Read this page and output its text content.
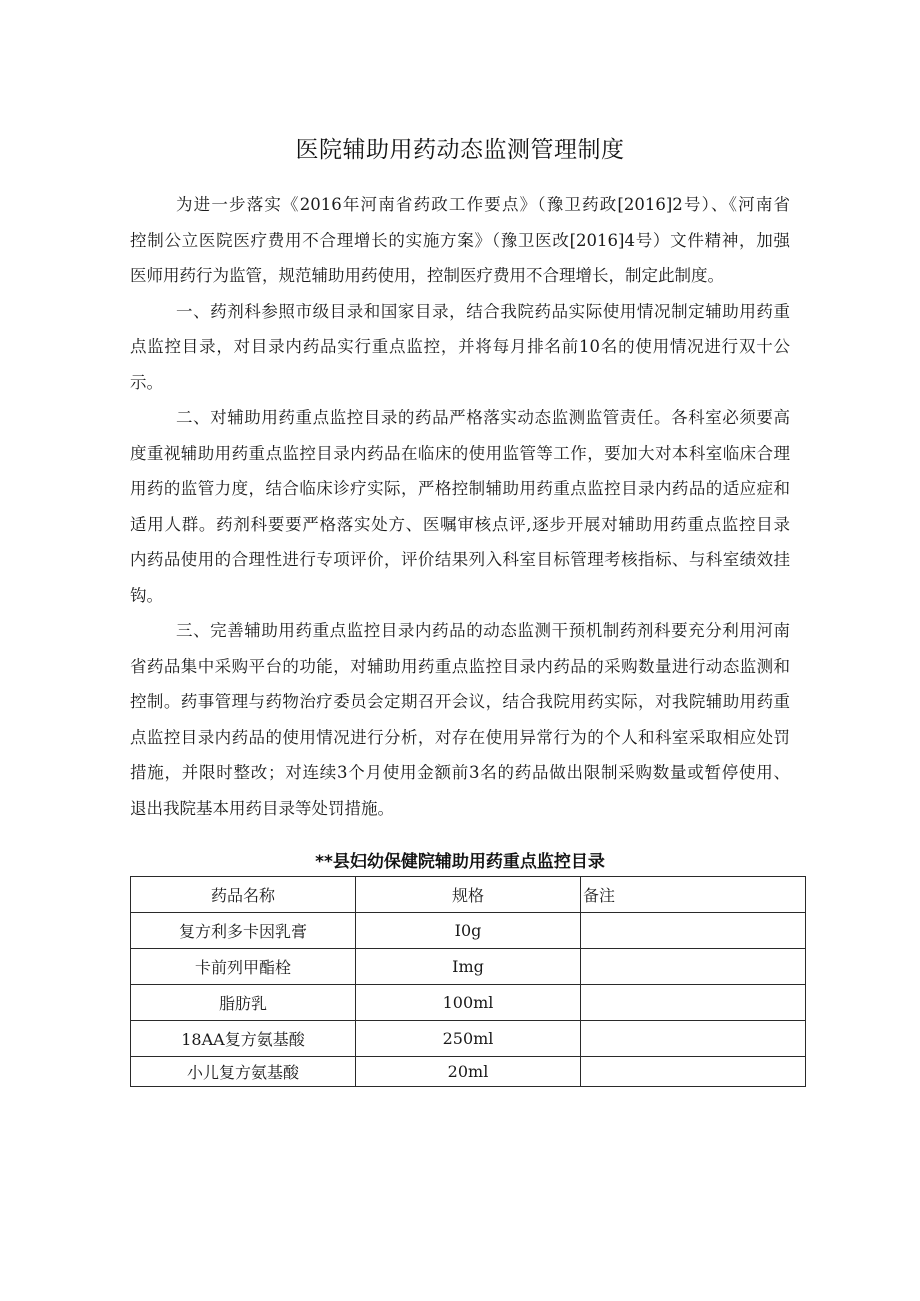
医院辅助用药动态监测管理制度
为进一步落实《2016年河南省药政工作要点》（豫卫药政[2016]2号）、《河南省
控制公立医院医疗费用不合理增长的实施方案》（豫卫医改[2016]4号）文件精神，加强
医师用药行为监管，规范辅助用药使用，控制医疗费用不合理增长，制定此制度。
一、药剂科参照市级目录和国家目录，结合我院药品实际使用情况制定辅助用药重
点监控目录，对目录内药品实行重点监控，并将每月排名前10名的使用情况进行双十公
示。
二、对辅助用药重点监控目录的药品严格落实动态监测监管责任。各科室必须要高
度重视辅助用药重点监控目录内药品在临床的使用监管等工作，要加大对本科室临床合理
用药的监管力度，结合临床诊疗实际，严格控制辅助用药重点监控目录内药品的适应症和
适用人群。药剂科要要严格落实处方、医嘱审核点评,逐步开展对辅助用药重点监控目录
内药品使用的合理性进行专项评价，评价结果列入科室目标管理考核指标、与科室绩效挂
钩。
三、完善辅助用药重点监控目录内药品的动态监测干预机制药剂科要充分利用河南
省药品集中采购平台的功能，对辅助用药重点监控目录内药品的采购数量进行动态监测和
控制。药事管理与药物治疗委员会定期召开会议，结合我院用药实际，对我院辅助用药重
点监控目录内药品的使用情况进行分析，对存在使用异常行为的个人和科室采取相应处罚
措施，并限时整改；对连续3个月使用金额前3名的药品做出限制采购数量或暂停使用、
退出我院基本用药目录等处罚措施。
**县妇幼保健院辅助用药重点监控目录
药品名称	规格	备注
复方利多卡因乳膏	I0g	
卡前列甲酯栓	Img	
脂肪乳	100ml	
18AA复方氨基酸	250ml	
小儿复方氨基酸	20ml	
